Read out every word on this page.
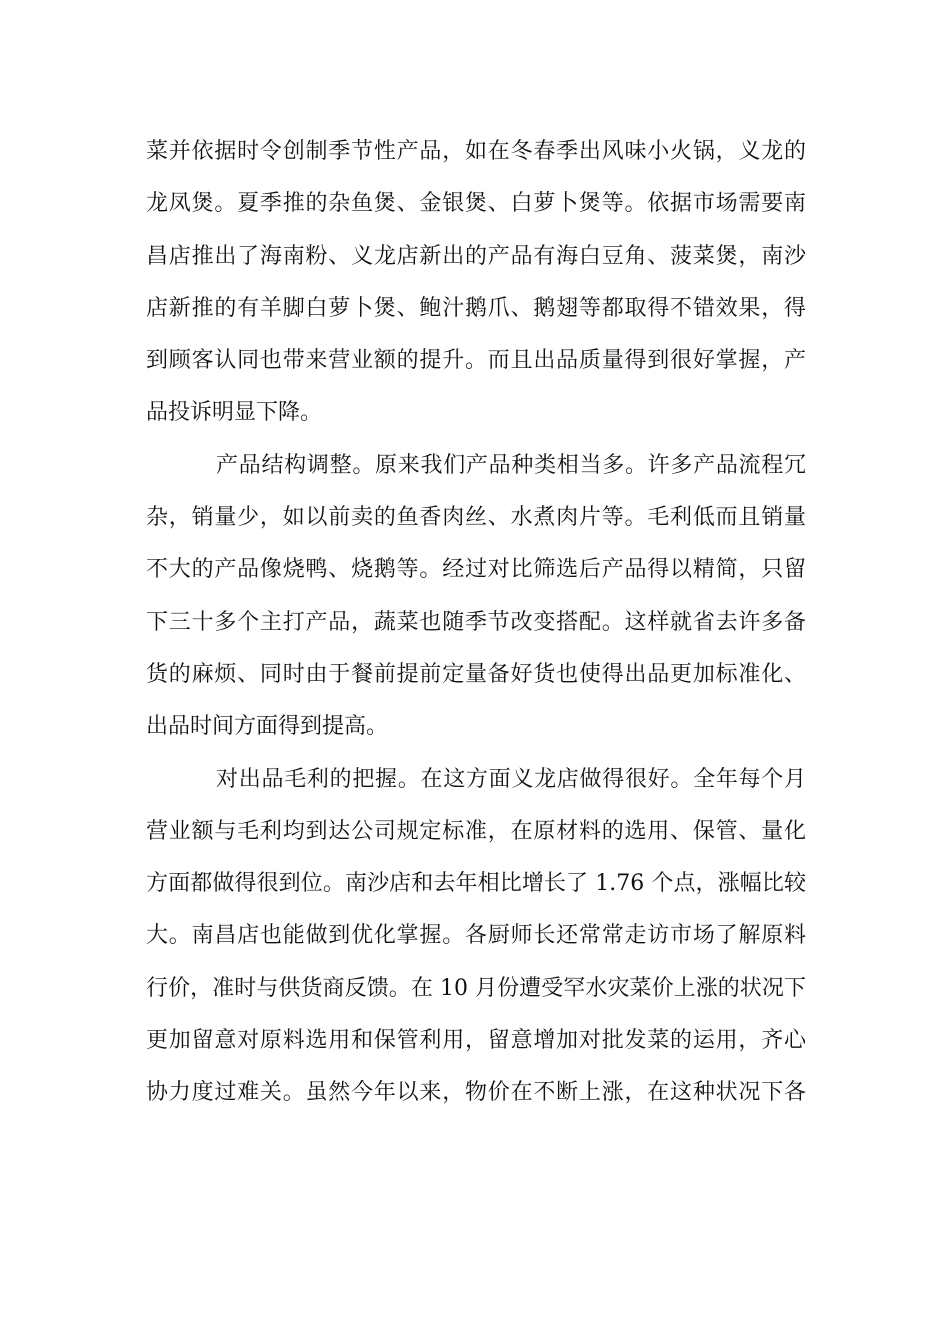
菜并依据时令创制季节性产品，如在冬春季出风味小火锅，义龙的
龙凤煲。夏季推的杂鱼煲、金银煲、白萝卜煲等。依据市场需要南
昌店推出了海南粉、义龙店新出的产品有海白豆角、菠菜煲，南沙
店新推的有羊脚白萝卜煲、鲍汁鹅爪、鹅翅等都取得不错效果，得
到顾客认同也带来营业额的提升。而且出品质量得到很好掌握，产
品投诉明显下降。
产品结构调整。原来我们产品种类相当多。许多产品流程冗
杂，销量少，如以前卖的鱼香肉丝、水煮肉片等。毛利低而且销量
不大的产品像烧鸭、烧鹅等。经过对比筛选后产品得以精简，只留
下三十多个主打产品，蔬菜也随季节改变搭配。这样就省去许多备
货的麻烦、同时由于餐前提前定量备好货也使得出品更加标准化、
出品时间方面得到提高。
对出品毛利的把握。在这方面义龙店做得很好。全年每个月
营业额与毛利均到达公司规定标准，在原材料的选用、保管、量化
方面都做得很到位。南沙店和去年相比增长了 1.76 个点，涨幅比较
大。南昌店也能做到优化掌握。各厨师长还常常走访市场了解原料
行价，准时与供货商反馈。在 10 月份遭受罕水灾菜价上涨的状况下
更加留意对原料选用和保管利用，留意增加对批发菜的运用，齐心
协力度过难关。虽然今年以来，物价在不断上涨，在这种状况下各
